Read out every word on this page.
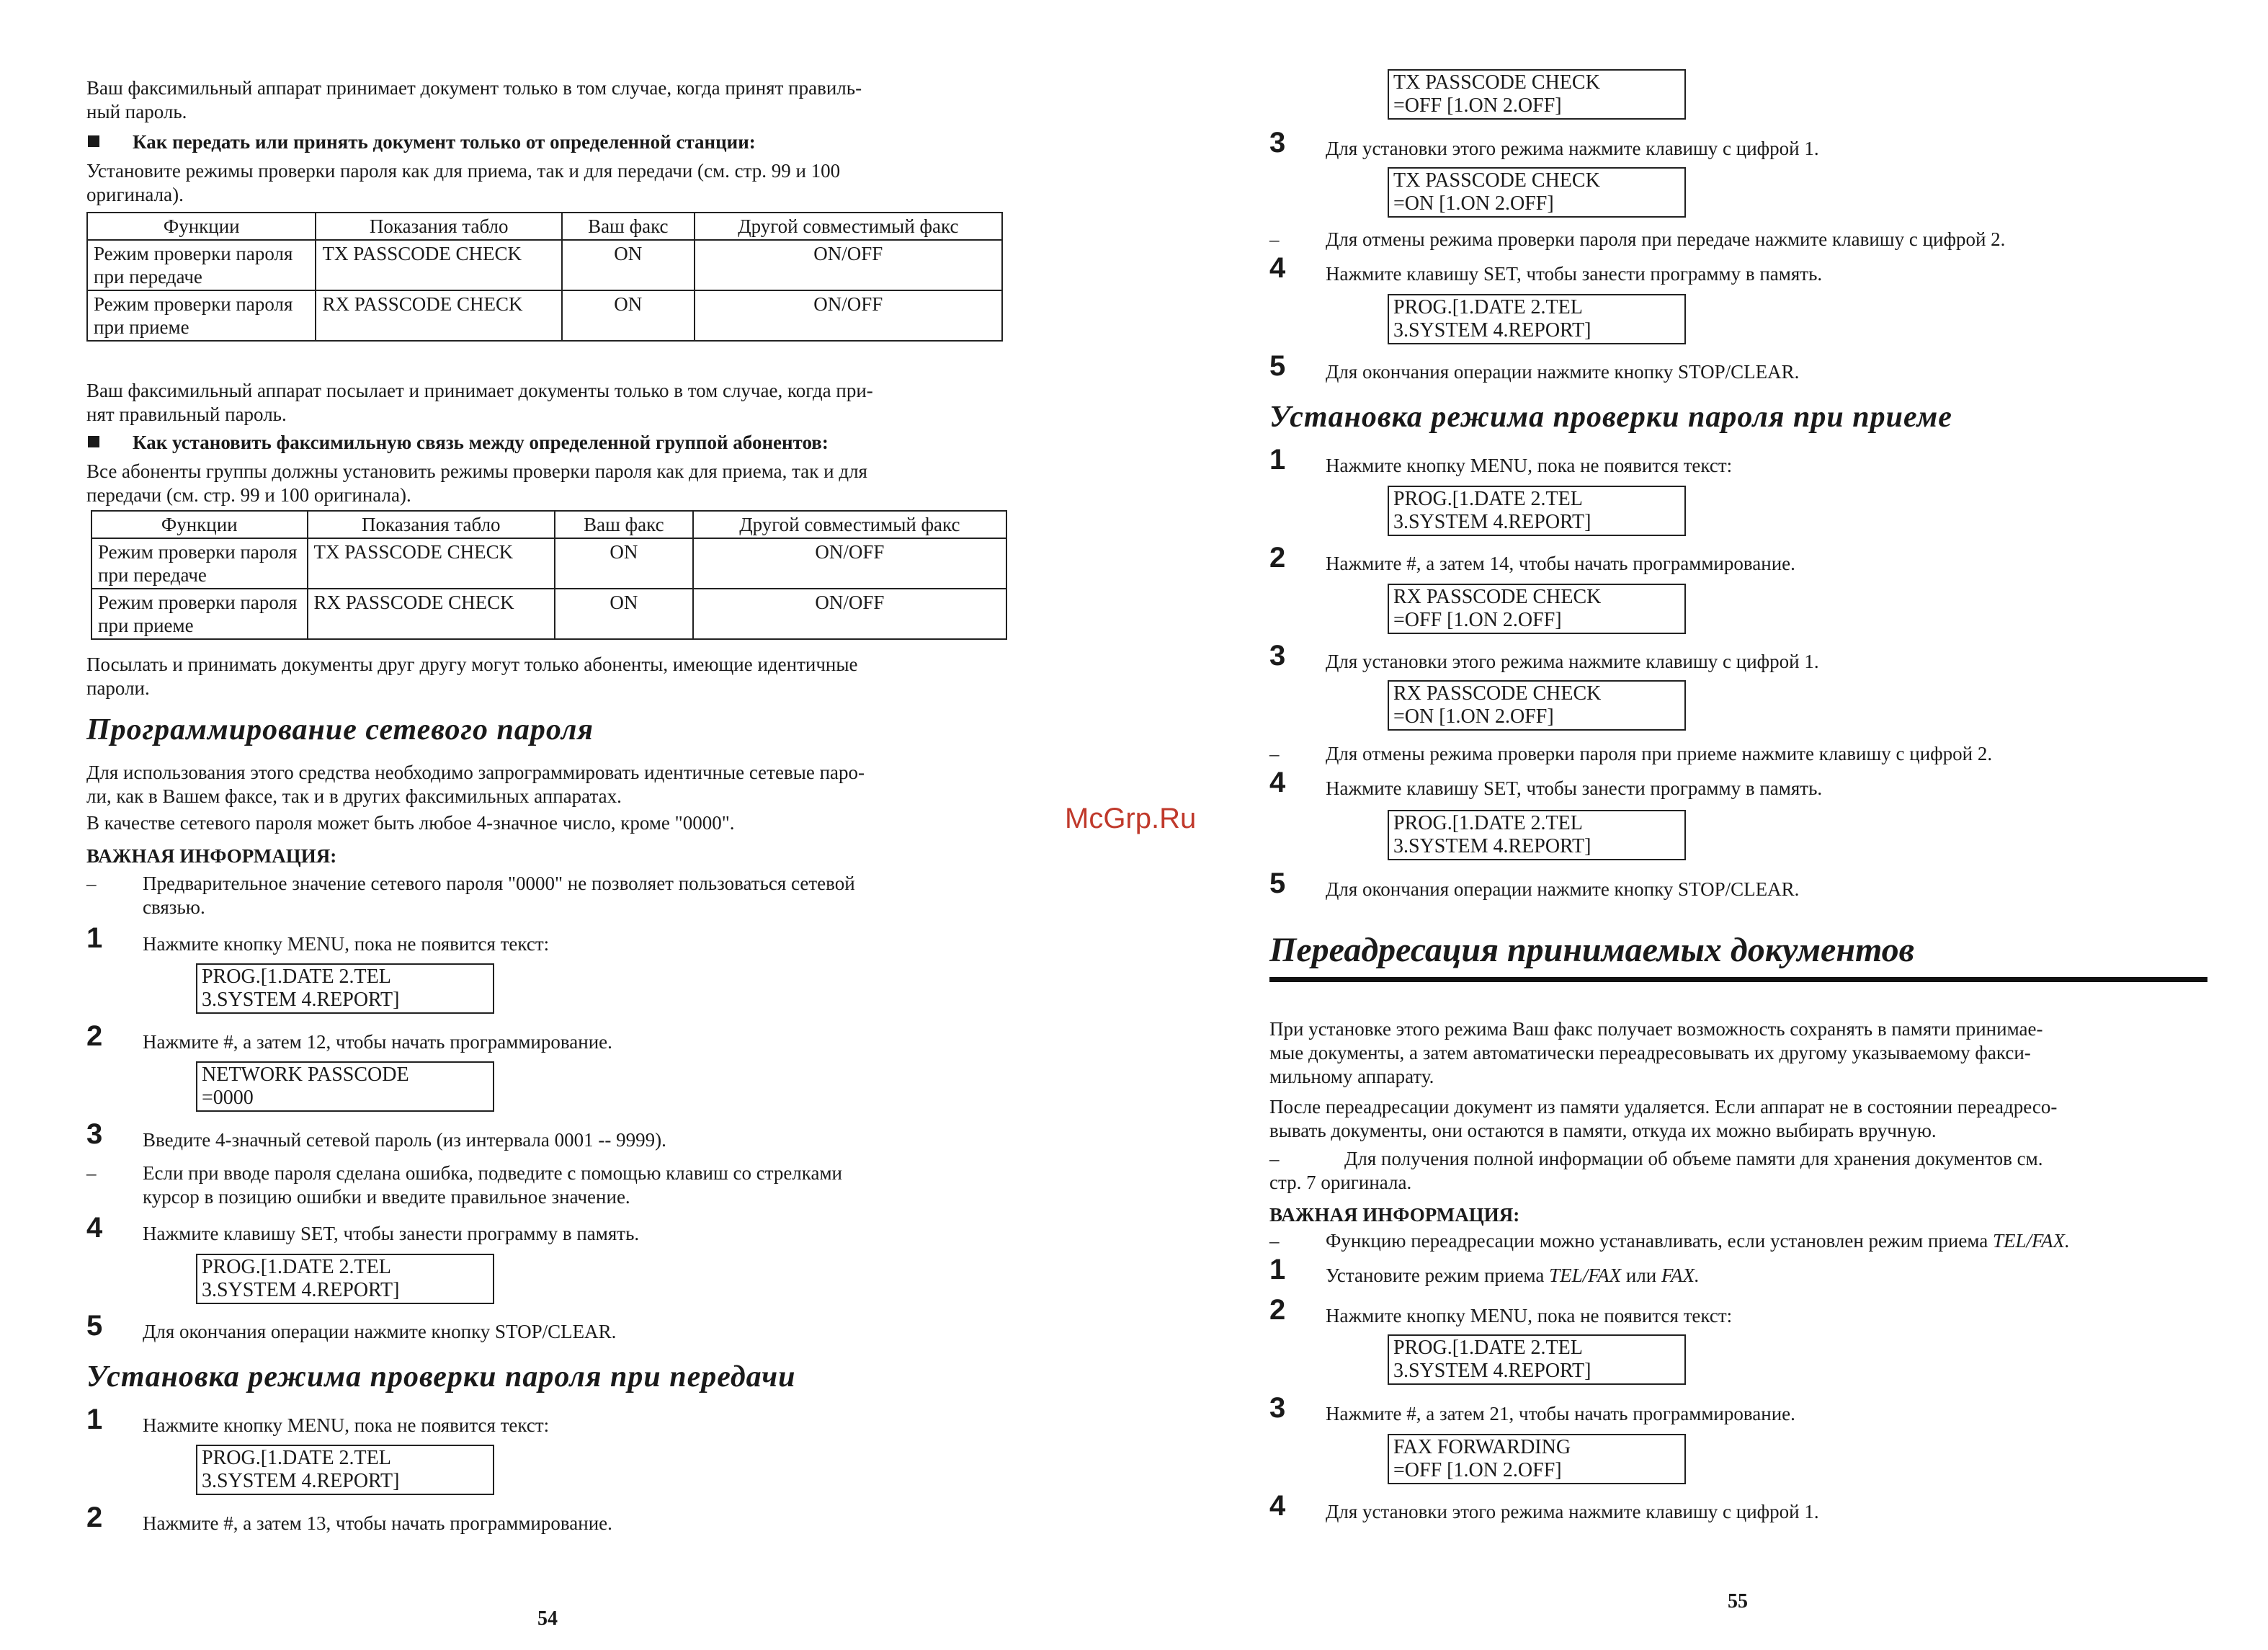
Ваш факсимильный аппарат принимает документ только в том случае, когда принят правиль-

ный пароль.

Как передать или принять документ только от определенной станции:

Установите режимы проверки пароля как для приема, так и для передачи (см. стр. 99 и 100

оригинала).

Функции	Показания табло	Ваш факс	Другой совместимый факс
Режим проверки пароля при передаче	TX PASSCODE CHECK	ON	ON/OFF
Режим проверки пароля при приеме	RX PASSCODE CHECK	ON	ON/OFF

Ваш факсимильный аппарат посылает и принимает документы только в том случае, когда при-

нят правильный пароль.

Как установить факсимильную связь между определенной группой абонентов:

Все абоненты группы должны установить режимы проверки пароля как для приема, так и для

передачи (см. стр. 99 и 100 оригинала).

Функции	Показания табло	Ваш факс	Другой совместимый факс
Режим проверки пароля при передаче	TX PASSCODE CHECK	ON	ON/OFF
Режим проверки пароля при приеме	RX PASSCODE CHECK	ON	ON/OFF

Посылать и принимать документы друг другу могут только абоненты, имеющие идентичные

пароли.

Программирование сетевого пароля

Для использования этого средства необходимо запрограммировать идентичные сетевые паро-

ли, как в Вашем факсе, так и в других факсимильных аппаратах.

В качестве сетевого пароля может быть любое 4-значное число, кроме "0000".

ВАЖНАЯ ИНФОРМАЦИЯ:
– Предварительное значение сетевого пароля "0000" не позволяет пользоваться сетевой

связью.

1 Нажмите кнопку MENU, пока не появится текст:
PROG.[1.DATE 2.TEL
3.SYSTEM 4.REPORT]
2 Нажмите #, а затем 12, чтобы начать программирование.
NETWORK PASSCODE
=0000
3 Введите 4-значный сетевой пароль (из интервала 0001 -- 9999).
– Если при вводе пароля сделана ошибка, подведите с помощью клавиш со стрелками

курсор в позицию ошибки и введите правильное значение.

4 Нажмите клавишу SET, чтобы занести программу в память.
PROG.[1.DATE 2.TEL
3.SYSTEM 4.REPORT]
5 Для окончания операции нажмите кнопку STOP/CLEAR.
Установка режима проверки пароля при передачи
1 Нажмите кнопку MENU, пока не появится текст:
PROG.[1.DATE 2.TEL
3.SYSTEM 4.REPORT]
2 Нажмите #, а затем 13, чтобы начать программирование.
54
McGrp.Ru
TX PASSCODE CHECK
=OFF [1.ON 2.OFF]
3 Для установки этого режима нажмите клавишу с цифрой 1.
TX PASSCODE CHECK
=ON [1.ON 2.OFF]
– Для отмены режима проверки пароля при передаче нажмите клавишу с цифрой 2.
4 Нажмите клавишу SET, чтобы занести программу в память.
PROG.[1.DATE 2.TEL
3.SYSTEM 4.REPORT]
5 Для окончания операции нажмите кнопку STOP/CLEAR.
Установка режима проверки пароля при приеме
1 Нажмите кнопку MENU, пока не появится текст:
PROG.[1.DATE 2.TEL
3.SYSTEM 4.REPORT]
2 Нажмите #, а затем 14, чтобы начать программирование.
RX PASSCODE CHECK
=OFF [1.ON 2.OFF]
3 Для установки этого режима нажмите клавишу с цифрой 1.
RX PASSCODE CHECK
=ON [1.ON 2.OFF]
– Для отмены режима проверки пароля при приеме нажмите клавишу с цифрой 2.
4 Нажмите клавишу SET, чтобы занести программу в память.
PROG.[1.DATE 2.TEL
3.SYSTEM 4.REPORT]
5 Для окончания операции нажмите кнопку STOP/CLEAR.
Переадресация принимаемых документов

При установке этого режима Ваш факс получает возможность сохранять в памяти принимае-

мые документы, а затем автоматически переадресовывать их другому указываемому факси-

мильному аппарату.

После переадресации документ из памяти удаляется. Если аппарат не в состоянии переадресо-

вывать документы, они остаются в памяти, откуда их можно выбирать вручную.

–	Для получения полной информации об объеме памяти для хранения документов см.

стр. 7 оригинала.

ВАЖНАЯ ИНФОРМАЦИЯ:
– Функцию переадресации можно устанавливать, если установлен режим приема TEL/FAX.
1 Установите режим приема TEL/FAX или FAX.
2 Нажмите кнопку MENU, пока не появится текст:
PROG.[1.DATE 2.TEL
3.SYSTEM 4.REPORT]
3 Нажмите #, а затем 21, чтобы начать программирование.
FAX FORWARDING
=OFF [1.ON 2.OFF]
4 Для установки этого режима нажмите клавишу с цифрой 1.
55
